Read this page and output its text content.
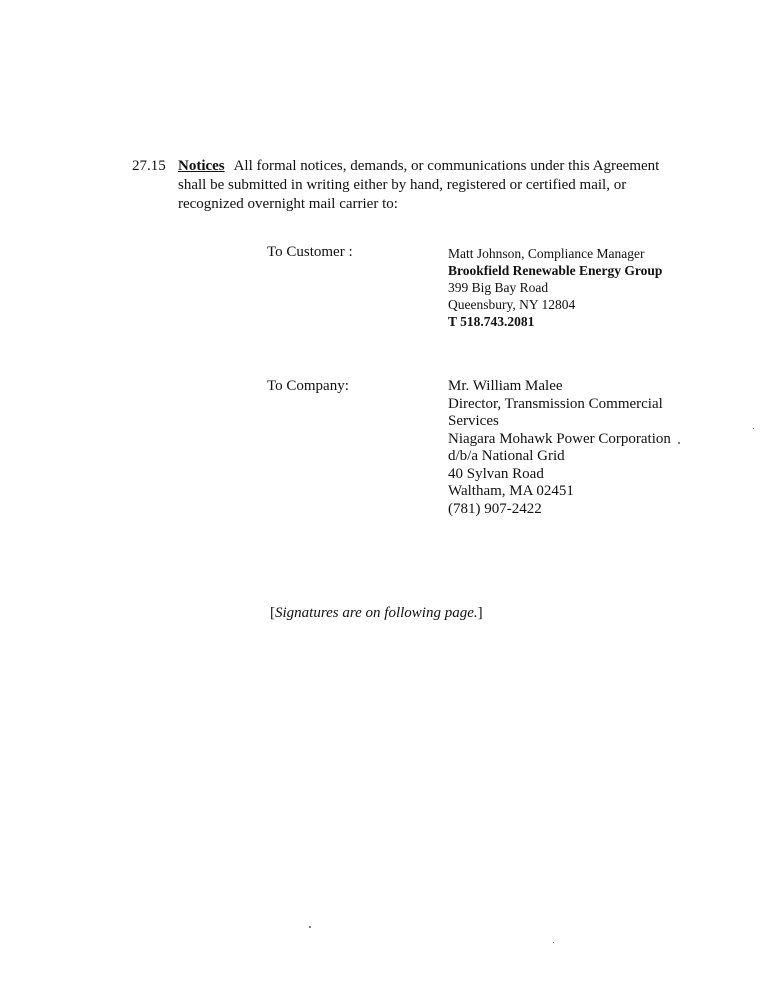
27.15 Notices All formal notices, demands, or communications under this Agreement shall be submitted in writing either by hand, registered or certified mail, or recognized overnight mail carrier to:
To Customer :	Matt Johnson, Compliance Manager
Brookfield Renewable Energy Group
399 Big Bay Road
Queensbury, NY 12804
T 518.743.2081
To Company:	Mr. William Malee
Director, Transmission Commercial Services
Niagara Mohawk Power Corporation
d/b/a National Grid
40 Sylvan Road
Waltham, MA 02451
(781) 907-2422
[Signatures are on following page.]
